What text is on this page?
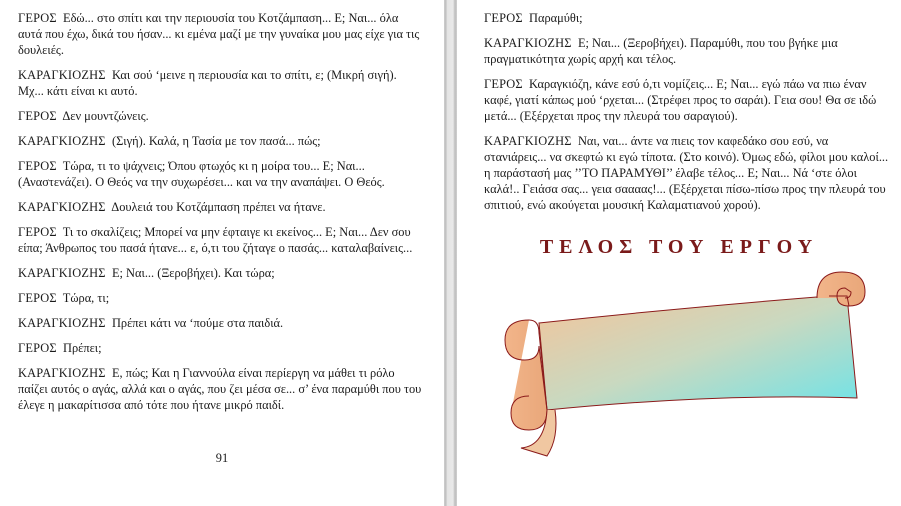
ΓΕΡΟΣ Εδώ... στο σπίτι και την περιουσία του Κοτζάμπαση... Ε; Ναι... όλα αυτά που έχω, δικά του ήσαν... κι εμένα μαζί με την γυναίκα μου μας είχε για τις δουλειές.

ΚΑΡΑΓΚΙΟΖΗΣ Και σού ‘μεινε η περιουσία και το σπίτι, ε; (Μικρή σιγή). Μχ... κάτι είναι κι αυτό.

ΓΕΡΟΣ Δεν μουντζώνεις.

ΚΑΡΑΓΚΙΟΖΗΣ (Σιγή). Καλά, η Τασία με τον πασά... πώς;

ΓΕΡΟΣ Τώρα, τι το ψάχνεις; Όπου φτωχός κι η μοίρα του... Ε; Ναι... (Αναστενάζει). Ο Θεός να την συχωρέσει... και να την αναπάψει. Ο Θεός.

ΚΑΡΑΓΚΙΟΖΗΣ Δουλειά του Κοτζάμπαση πρέπει να ήτανε.

ΓΕΡΟΣ Τι το σκαλίζεις; Μπορεί να μην έφταιγε κι εκείνος... Ε; Ναι... Δεν σου είπα; Άνθρωπος του πασά ήτανε... ε, ό,τι του ζήταγε ο πασάς... καταλαβαίνεις...

ΚΑΡΑΓΚΙΟΖΗΣ Ε; Ναι... (Ξεροβήχει). Και τώρα;

ΓΕΡΟΣ Τώρα, τι;

ΚΑΡΑΓΚΙΟΖΗΣ Πρέπει κάτι να ‘πούμε στα παιδιά.

ΓΕΡΟΣ Πρέπει;

ΚΑΡΑΓΚΙΟΖΗΣ Ε, πώς; Και η Γιαννούλα είναι περίεργη να μάθει τι ρόλο παίζει αυτός ο αγάς, αλλά και ο αγάς, που ζει μέσα σε... σ’ ένα παραμύθι που του έλεγε η μακαρίτισσα από τότε που ήτανε μικρό παιδί.

91

ΓΕΡΟΣ Παραμύθι;

ΚΑΡΑΓΚΙΟΖΗΣ Ε; Ναι... (Ξεροβήχει). Παραμύθι, που του βγήκε μια πραγματικότητα χωρίς αρχή και τέλος.

ΓΕΡΟΣ Καραγκιόζη, κάνε εσύ ό,τι νομίζεις... Ε; Ναι... εγώ πάω να πιω έναν καφέ, γιατί κάπως μού ‘ρχεται... (Στρέφει προς το σαράι). Γεια σου! Θα σε ιδώ μετά... (Εξέρχεται προς την πλευρά του σαραγιού).

ΚΑΡΑΓΚΙΟΖΗΣ Ναι, ναι... άντε να πιεις τον καφεδάκο σου εσύ, να στανιάρεις... να σκεφτώ κι εγώ τίποτα. (Στο κοινό). Όμως εδώ, φίλοι μου καλοί... η παράστασή μας ’’ΤΟ ΠΑΡΑΜΥΘΙ’’ έλαβε τέλος... Ε; Ναι... Νά ‘στε όλοι καλά!.. Γειάσα σας... γεια σαααας!... (Εξέρχεται πίσω-πίσω προς την πλευρά του σπιτιού, ενώ ακούγεται μουσική Καλαματιανού χορού).

ΤΕΛΟΣ ΤΟΥ ΕΡΓΟΥ
